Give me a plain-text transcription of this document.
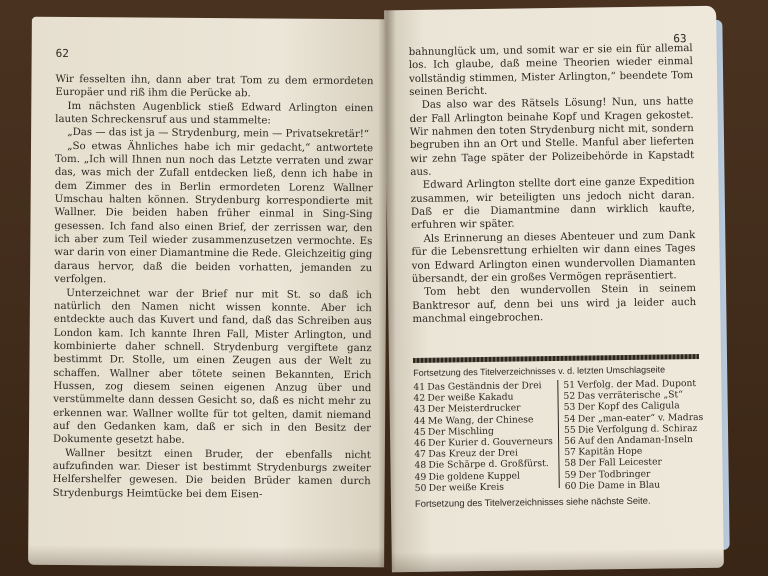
62

Wir fesselten ihn, dann aber trat Tom zu dem ermordeten Europäer und riß ihm die Perücke ab.

Im nächsten Augenblick stieß Edward Arlington einen lauten Schreckensruf aus und stammelte:

„Das — das ist ja — Strydenburg, mein — Privatsekretär!“

„So etwas Ähnliches habe ich mir gedacht,“ antwortete Tom. „Ich will Ihnen nun noch das Letzte verraten und zwar das, was mich der Zufall entdecken ließ, denn ich habe in dem Zimmer des in Berlin ermordeten Lorenz Wallner Umschau halten können. Strydenburg korrespondierte mit Wallner. Die beiden haben früher einmal in Sing-Sing gesessen. Ich fand also einen Brief, der zerrissen war, den ich aber zum Teil wieder zusammenzusetzen vermochte. Es war darin von einer Diamantmine die Rede. Gleichzeitig ging daraus hervor, daß die beiden vorhatten, jemanden zu verfolgen.

Unterzeichnet war der Brief nur mit St. so daß ich natürlich den Namen nicht wissen konnte. Aber ich entdeckte auch das Kuvert und fand, daß das Schreiben aus London kam. Ich kannte Ihren Fall, Mister Arlington, und kombinierte daher schnell. Strydenburg vergiftete ganz bestimmt Dr. Stolle, um einen Zeugen aus der Welt zu schaffen. Wallner aber tötete seinen Bekannten, Erich Hussen, zog diesem seinen eigenen Anzug über und verstümmelte dann dessen Gesicht so, daß es nicht mehr zu erkennen war. Wallner wollte für tot gelten, damit niemand auf den Gedanken kam, daß er sich in den Besitz der Dokumente gesetzt habe.

Wallner besitzt einen Bruder, der ebenfalls nicht aufzufinden war. Dieser ist bestimmt Strydenburgs zweiter Helfershelfer gewesen. Die beiden Brüder kamen durch Strydenburgs Heimtücke bei dem Eisen-

63

bahnunglück um, und somit war er sie ein für allemal los. Ich glaube, daß meine Theorien wieder einmal vollständig stimmen, Mister Arlington,“ beendete Tom seinen Bericht.

Das also war des Rätsels Lösung! Nun, uns hatte der Fall Arlington beinahe Kopf und Kragen gekostet. Wir nahmen den toten Strydenburg nicht mit, sondern begruben ihn an Ort und Stelle. Manful aber lieferten wir zehn Tage später der Polizeibehörde in Kapstadt aus.

Edward Arlington stellte dort eine ganze Expedition zusammen, wir beteiligten uns jedoch nicht daran. Daß er die Diamantmine dann wirklich kaufte, erfuhren wir später.

Als Erinnerung an dieses Abenteuer und zum Dank für die Lebensrettung erhielten wir dann eines Tages von Edward Arlington einen wundervollen Diamanten übersandt, der ein großes Vermögen repräsentiert.

Tom hebt den wundervollen Stein in seinem Banktresor auf, denn bei uns wird ja leider auch manchmal eingebrochen.

Fortsetzung des Titelverzeichnisses v. d. letzten Umschlagseite
41 Das Geständnis der Drei
42 Der weiße Kakadu
43 Der Meisterdrucker
44 Me Wang, der Chinese
45 Der Mischling
46 Der Kurier d. Gouverneurs
47 Das Kreuz der Drei
48 Die Schärpe d. Großfürst.
49 Die goldene Kuppel
50 Der weiße Kreis
51 Verfolg. der Mad. Dupont
52 Das verräterische „St“
53 Der Kopf des Caligula
54 Der „man-eater“ v. Madras
55 Die Verfolgung d. Schiraz
56 Auf den Andaman-Inseln
57 Kapitän Hope
58 Der Fall Leicester
59 Der Todbringer
60 Die Dame in Blau
Fortsetzung des Titelverzeichnisses siehe nächste Seite.
